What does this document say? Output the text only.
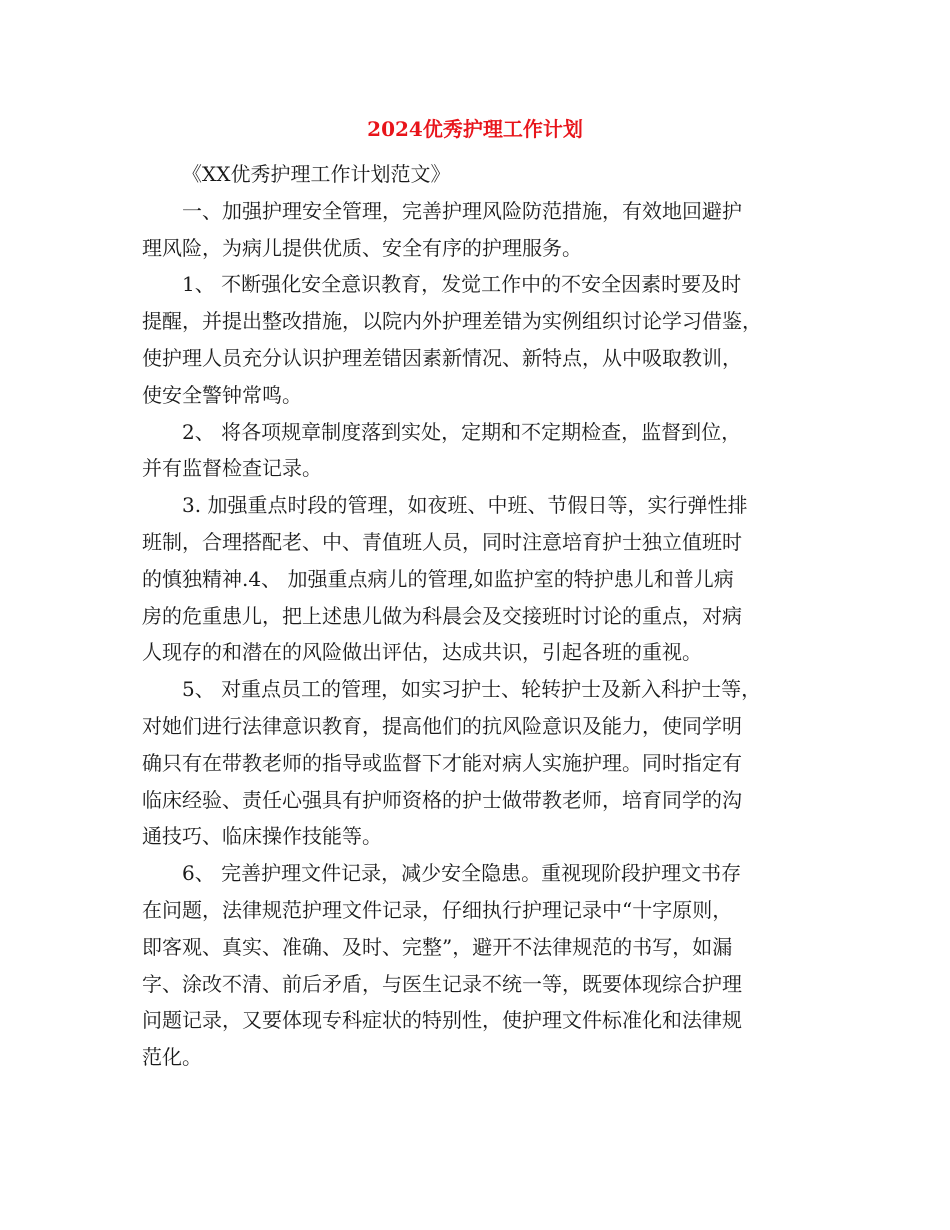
2024优秀护理工作计划
《XX优秀护理工作计划范文》
一、加强护理安全管理，完善护理风险防范措施，有效地回避护
理风险，为病儿提供优质、安全有序的护理服务。
1、 不断强化安全意识教育，发觉工作中的不安全因素时要及时
提醒，并提出整改措施，以院内外护理差错为实例组织讨论学习借鉴，
使护理人员充分认识护理差错因素新情况、新特点，从中吸取教训，
使安全警钟常鸣。
2、 将各项规章制度落到实处，定期和不定期检查，监督到位，
并有监督检查记录。
3. 加强重点时段的管理，如夜班、中班、节假日等，实行弹性排
班制，合理搭配老、中、青值班人员，同时注意培育护士独立值班时
的慎独精神.4、 加强重点病儿的管理,如监护室的特护患儿和普儿病
房的危重患儿，把上述患儿做为科晨会及交接班时讨论的重点，对病
人现存的和潜在的风险做出评估，达成共识，引起各班的重视。
5、 对重点员工的管理，如实习护士、轮转护士及新入科护士等，
对她们进行法律意识教育，提高他们的抗风险意识及能力，使同学明
确只有在带教老师的指导或监督下才能对病人实施护理。同时指定有
临床经验、责任心强具有护师资格的护士做带教老师，培育同学的沟
通技巧、临床操作技能等。
6、 完善护理文件记录，减少安全隐患。重视现阶段护理文书存
在问题，法律规范护理文件记录，仔细执行护理记录中“十字原则，
即客观、真实、准确、及时、完整”，避开不法律规范的书写，如漏
字、涂改不清、前后矛盾，与医生记录不统一等，既要体现综合护理
问题记录，又要体现专科症状的特别性，使护理文件标准化和法律规
范化。
